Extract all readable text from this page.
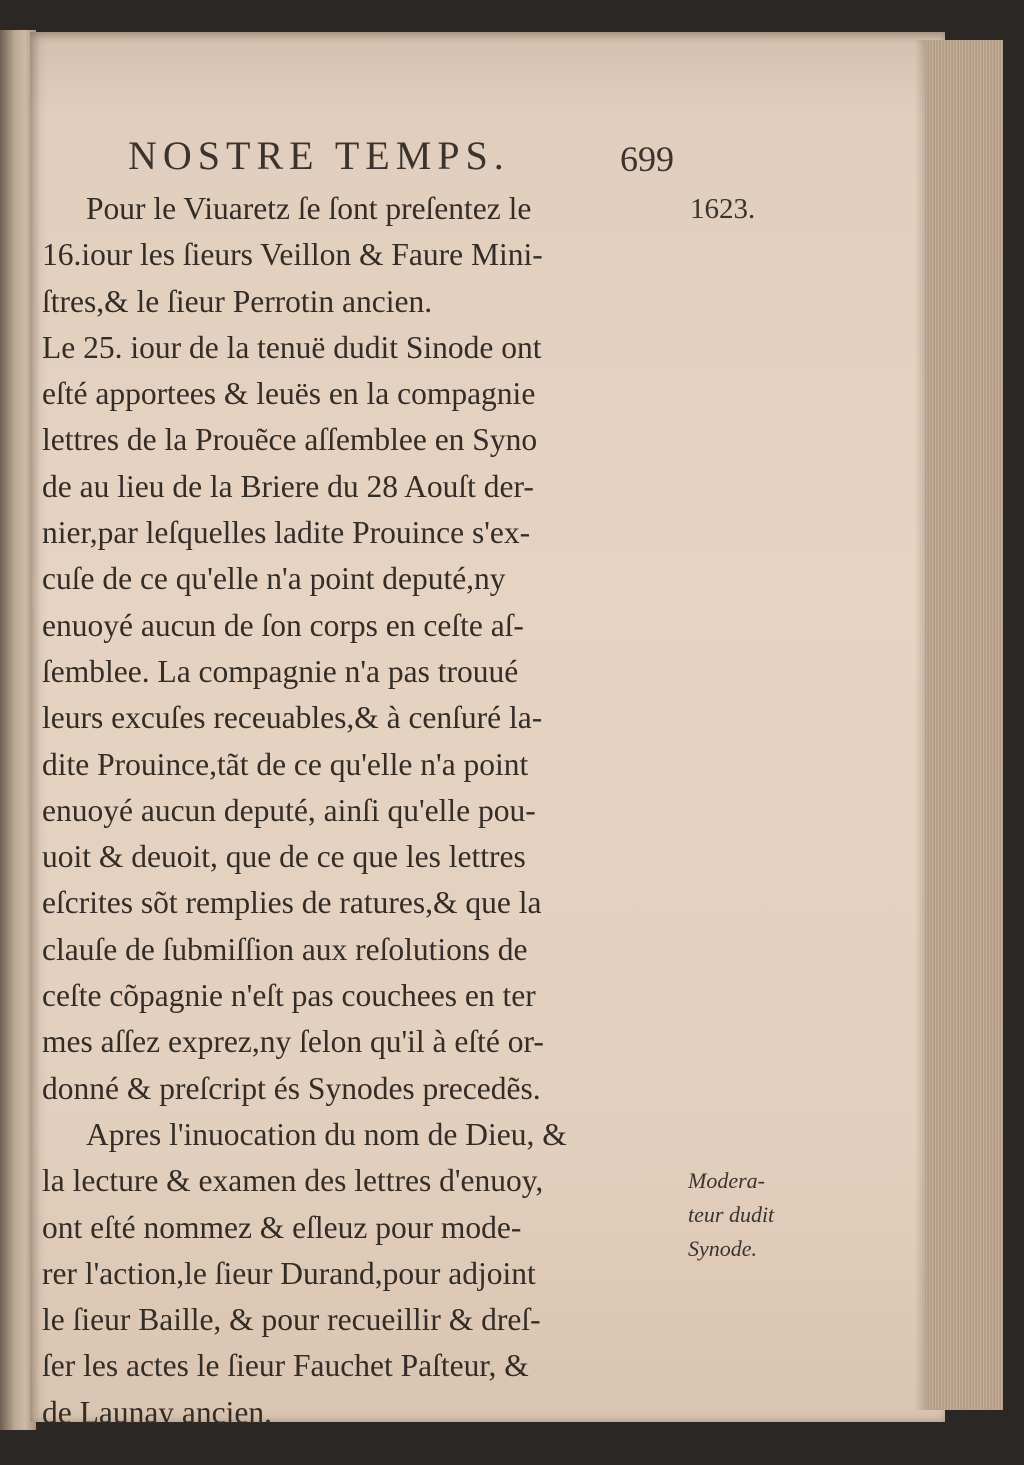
NOSTRE TEMPS.	699
1623.
Pour le Viuaretz ſe ſont preſentez le
16.iour les ſieurs Veillon & Faure Mini-
ſtres,& le ſieur Perrotin ancien.
Le 25. iour de la tenuë dudit Sinode ont
eſté apportees & leuës en la compagnie
lettres de la Prouẽce aſſemblee en Syno
de au lieu de la Briere du 28 Aouſt der-
nier,par leſquelles ladite Prouince s'ex-
cuſe de ce qu'elle n'a point deputé,ny
enuoyé aucun de ſon corps en ceſte aſ-
ſemblee. La compagnie n'a pas trouué
leurs excuſes receuables,& à cenſuré la-
dite Prouince,tãt de ce qu'elle n'a point
enuoyé aucun deputé, ainſi qu'elle pou-
uoit & deuoit, que de ce que les lettres
eſcrites sõt remplies de ratures,& que la
clauſe de ſubmiſſion aux reſolutions de
ceſte cõpagnie n'eſt pas couchees en ter
mes aſſez exprez,ny ſelon qu'il à eſté or-
donné & preſcript és Synodes precedẽs.
Apres l'inuocation du nom de Dieu, &
la lecture & examen des lettres d'enuoy,
ont eſté nommez & eſleuz pour mode-
rer l'action,le ſieur Durand,pour adjoint
le ſieur Baille, & pour recueillir & dreſ-
ſer les actes le ſieur Fauchet Paſteur, &
de Launay ancien.
Modera-
teur dudit
Synode.
